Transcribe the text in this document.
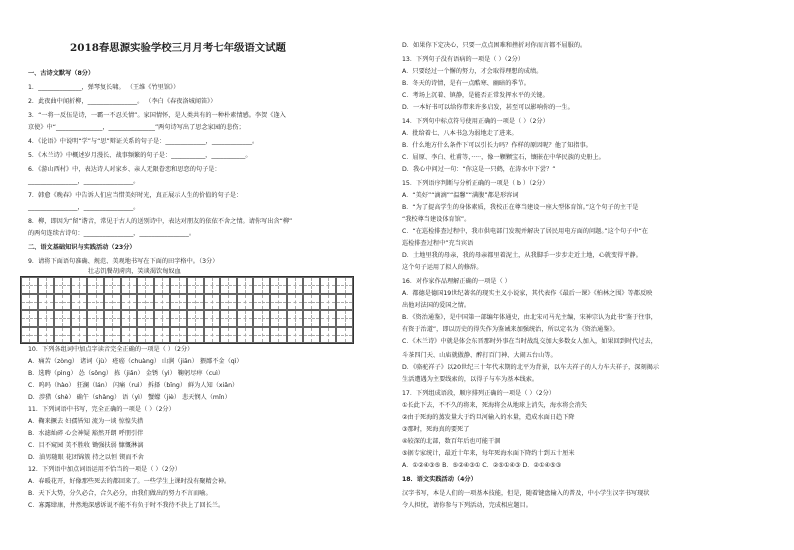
2018春思源实验学校三月月考七年级语文试题
一、古诗文默写（8分）
1．______________，弹琴复长啸。 （王维《竹里馆》）
2．此夜曲中闻折柳，________________。 （李白《春夜洛城闻笛》）
3．“一将一反伍是诗，一霸一不忍关情”。家国情怀，是人类共有的一种朴素情感。李贺《逢入
京使》中“_______________，_______________”两句诗写出了思念家园的悲伤；
4．《论语》中说明“学”与“思”辩证关系的句子是：_____________，_____________。
5．《木兰诗》中概述岁月漫长、战事频繁的句子是：___________，___________。
6．《游山西村》中，表达诗人对家乡、亲人无限眷恋和思恋的句子是：
________________，________________。
7．韩愈《晚春》中告诉人们应当惜美好时光，真正展示人生的价值的句子是：
________________，________________。
8．柳，即因为“留”谐音，常见于古人的送别诗中，表达对朋友的依依不舍之情。请你写出含“柳”
的两句连续古诗句：________________，________________。
二、语文基础知识与实践活动（23分）
9．请将下面语句准确、规范、美观地书写在下面的田字格中。（3分）
壮志饥餐胡虏肉，笑谈渴饮匈奴血
10．下列各组词中加点字读音完全正确的一项是（ ）（2分）
A．痛苦（zòng） 诸词（jù） 疮癌（chuàng） 山涧（jiān） 猥鄙不金（qì）
B．选聘（pìng） 怂（sǒng） 拣（jiǎn） 金锈（yì） 鞠躬尽瘁（cuì）
C．呜吗（hào） 狂澜（lán） 闪痛（ruì） 拆择（bīng） 鲜为人知（xiǎn）
D．涉猎（shè） 确午（shǎng） 语（yì） 蟹蠓（jiè） 悲天悯人（mǐn）
11．下列词语中书写，完全正确的一项是（ ）（2分）
A．鞠来撅去 妇孺皆知 流为一谈 惊惶失措
B．水滤灿碎 心会神疑 豁然开朗 呼朋引伴
C．目不窥园 美不胜收 锄强扶弱 慷慨淋漓
D．油男随眼 花团锦簇 持之以恒 锲而不舍
12．下列语中加点词语运用不恰当的一项是（ ）（2分）
A．春暖花开，好像那些死去的都回来了。一些学生上课时没有聚精会神。
B．天下大势，分久必合，合久必分，由我们做出的努力不言而喻。
C．寡露肆康，井然地深感诉说不能不有负于时不我待不抉上了回长兰。
D．如果你下定决心，只要一点点困难和挫折对你而言都不屈服的。
13．下列句子没有语病的一项是（ ）（2分）
A．只要经过一个懈的努力，才会取得理想的成绩。
B．冬天的诗情，是有一点酷寒、幽暗的季节。
C．考场上沉着、镇静，是能否正常发挥水平的关键。
D．一本好书可以给你带来许多启发，甚至可以影响你的一生。
14．下列句中标点符号使用正确的一项是（ ）（2分）
A．批给着七、八本书急为弱地走了进来。
B．什么地方什么条件下可以引长力吗？作样的原因呢？他了知指事。
C．屈原、李白、杜甫等，·····，像一颗颗宝石，镶嵌在中华民族的史册上。
D．我心中问过一句：“你这是一只鹤，在涛水中下尝？”
15．下列语序判断与分析正确的一项是（ b ）（2分）
A．“美好”“滴滴”“温馨”“满腹”都是形容词
B．“为了提高学生的身体素质，我校正在尊当建设一座大型体育馆。”这个句子的主干是
“我校尊当建设体育馆”。
C．“在巡检排查过程中，我市供电部门发现并解决了居民用电方面的问题。”这个句子中“在
巡检排查过程中”充当宾语
D．土地里我的母亲，我的母亲都里着泥土，从我脚手一步步走近土地，心就变得平静。
这个句子运用了拟人的修辞。
16．对作家作品理解正确的一项是（ ）
A．都德是德国19世纪著名的现实主义小说家，其代表作《最后一课》《柏林之围》等都反映
出他对法国的爱国之情。
B．《资治通鉴》，是中国第一部编年体通史，由北宋司马光主编，宋神宗认为此书“鉴于往事，
有资于治道”，即以历史的得失作为鉴诫来加强统治，所以定名为《资治通鉴》。
C．《木兰诗》中就是体会东晋那时外事在当时战乱交加大多数女人加入，如果回到时代过去，
斗茶四门天、山庙就傲静、醉打百门神、大闹五台山等。
D．《骆驼祥子》以20世纪三十年代末期的北平为背景，以车夫祥子的人力车夫祥子，深刻揭示
生活遭遇为主要线索的，以得子与车为基本线索。
17．下列组成语段，顺序排列正确的一项是（ ）（2分）
①长此下去，不不久的将来，死海将会从地球上消失，海水将会消失
②由于死海的蒸发量大于约旦河输入的水量，造成水面日趋下降
③那时，死海真的要死了
④较深的北部，数百年后也可能干涸
⑤据专家统计，最近十年来，每年死海水面下降约十到五十厘米
A．①②④③⑤ B．⑤②④③① C．②⑤①④③ D．②①④⑤③
18．语文实践活动（4分）
汉字书写，本是人们的一项基本技能，但是，随着键盘输入的普及，中小学生汉字书写现状
令人担忧，请你参与下列活动，完成相应题目。
